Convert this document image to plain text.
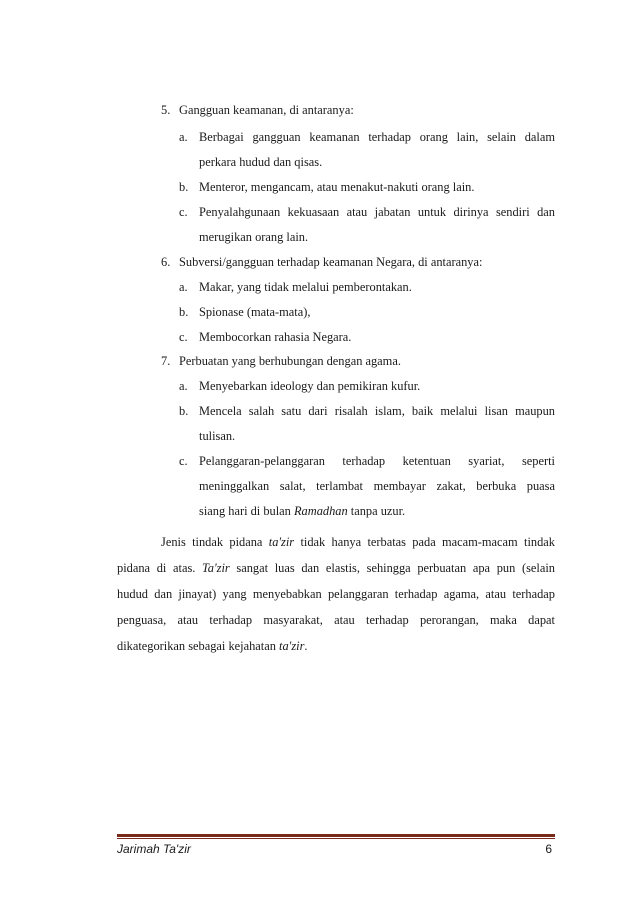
5. Gangguan keamanan, di antaranya:
a. Berbagai gangguan keamanan terhadap orang lain, selain dalam
perkara hudud dan qisas.
b. Menteror, mengancam, atau menakut-nakuti orang lain.
c. Penyalahgunaan kekuasaan atau jabatan untuk dirinya sendiri dan
merugikan orang lain.
6. Subversi/gangguan terhadap keamanan Negara, di antaranya:
a. Makar, yang tidak melalui pemberontakan.
b. Spionase (mata-mata),
c. Membocorkan rahasia Negara.
7. Perbuatan yang berhubungan dengan agama.
a. Menyebarkan ideology dan pemikiran kufur.
b. Mencela salah satu dari risalah islam, baik melalui lisan maupun
tulisan.
c. Pelanggaran-pelanggaran terhadap ketentuan syariat, seperti
meninggalkan salat, terlambat membayar zakat, berbuka puasa
siang hari di bulan Ramadhan tanpa uzur.
Jenis tindak pidana ta'zir tidak hanya terbatas pada macam-macam tindak
pidana di atas. Ta'zir sangat luas dan elastis, sehingga perbuatan apa pun (selain
hudud dan jinayat) yang menyebabkan pelanggaran terhadap agama, atau terhadap
penguasa, atau terhadap masyarakat, atau terhadap perorangan, maka dapat
dikategorikan sebagai kejahatan ta'zir.
Jarimah Ta'zir	6
